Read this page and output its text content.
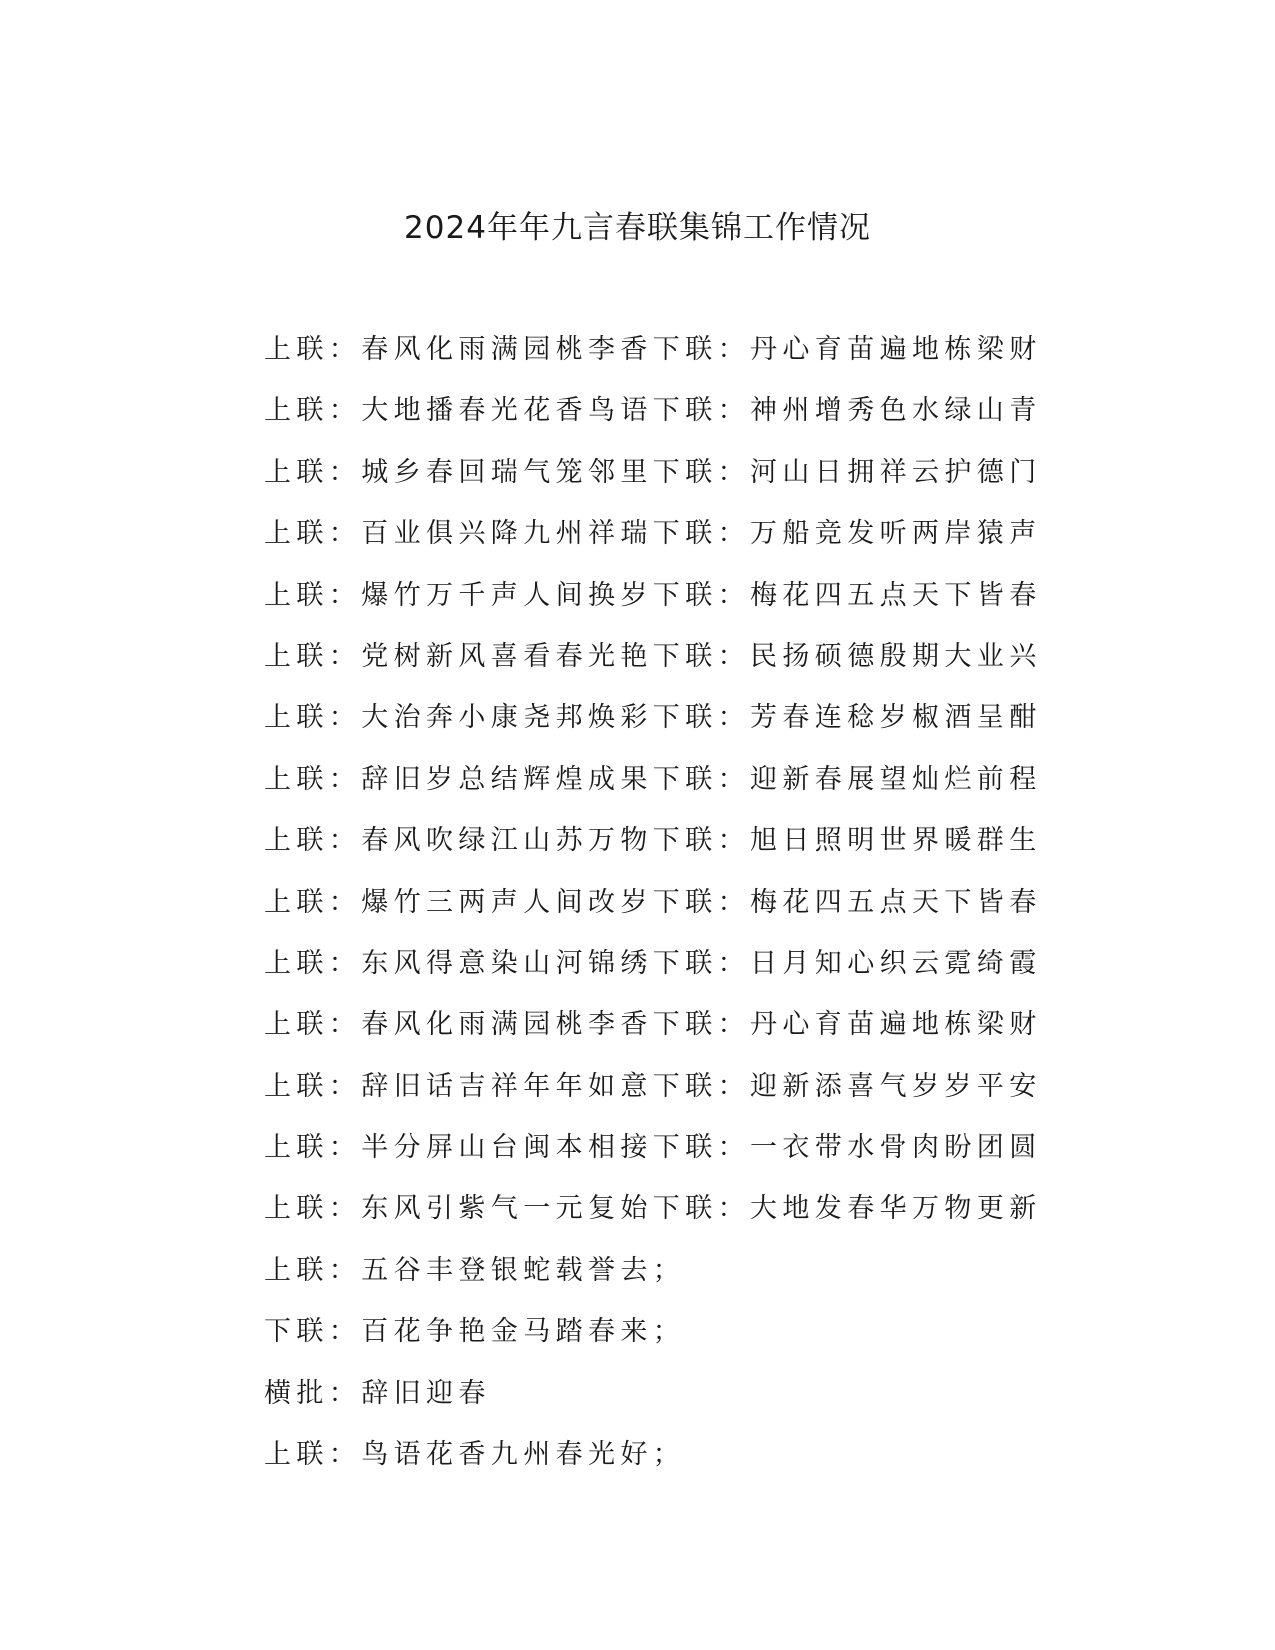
2024年年九言春联集锦工作情况
上联：春风化雨满园桃李香下联：丹心育苗遍地栋梁财
上联：大地播春光花香鸟语下联：神州增秀色水绿山青
上联：城乡春回瑞气笼邻里下联：河山日拥祥云护德门
上联：百业俱兴降九州祥瑞下联：万船竞发听两岸猿声
上联：爆竹万千声人间换岁下联：梅花四五点天下皆春
上联：党树新风喜看春光艳下联：民扬硕德殷期大业兴
上联：大治奔小康尧邦焕彩下联：芳春连稔岁椒酒呈酣
上联：辞旧岁总结辉煌成果下联：迎新春展望灿烂前程
上联：春风吹绿江山苏万物下联：旭日照明世界暖群生
上联：爆竹三两声人间改岁下联：梅花四五点天下皆春
上联：东风得意染山河锦绣下联：日月知心织云霓绮霞
上联：春风化雨满园桃李香下联：丹心育苗遍地栋梁财
上联：辞旧话吉祥年年如意下联：迎新添喜气岁岁平安
上联：半分屏山台闽本相接下联：一衣带水骨肉盼团圆
上联：东风引紫气一元复始下联：大地发春华万物更新
上联：五谷丰登银蛇载誉去；
下联：百花争艳金马踏春来；
横批：辞旧迎春
上联：鸟语花香九州春光好；
